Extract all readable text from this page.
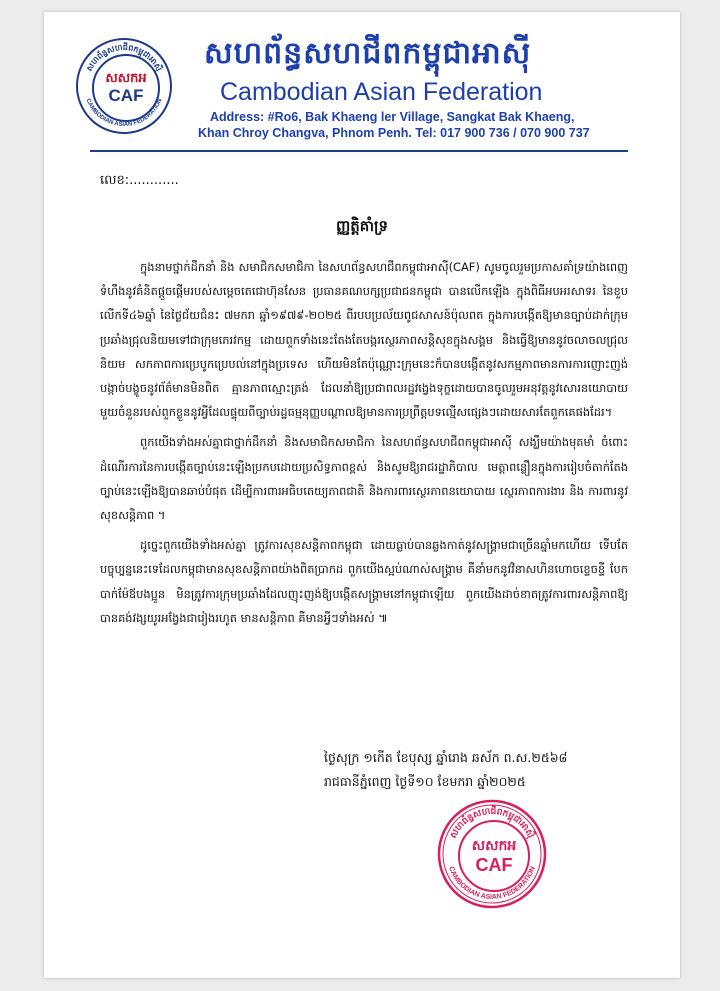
សហព័ន្ធសហជីពកម្ពុជាអាស៊ី
CAMBODIAN ASIAN FEDERATION
សសកអ
CAF
សហព័ន្ធសហជីពកម្ពុជាអាស៊ី
Cambodian Asian Federation
Address: #Ro6, Bak Khaeng ler Village, Sangkat Bak Khaeng,
Khan Chroy Changva, Phnom Penh. Tel: 017 900 736 / 070 900 737
លេខ:............
ញ្ញត្តិគាំទ្រ

ក្នុងនាមថ្នាក់ដឹកនាំ និង សមាជិកសមាជិកា នៃសហព័ន្ធសហជីពកម្ពុជាអាស៊ី(CAF) សូមចូលរួមប្រកាសគាំទ្រយ៉ាងពេញទំហឹងនូវគំនិតផ្តួចផ្តើមរបស់សម្តេចតេជោហ៊ុនសែន ប្រធានគណបក្សប្រជាជនកម្ពុជា បានលើកឡើង ក្នុងពិធីអបអរសាទរ នៃខួបលើកទី៤៦ឆ្នាំ នៃថ្ងៃជ័យជំនះ ៧មករា ឆ្នាំ១៩៧៩-២០២៥ ពីរបបប្រល័យពូជសាសន៍ប៉ុលពត ក្នុងការបង្កើតឱ្យមានច្បាប់ដាក់ក្រុមប្រឆាំងជ្រុលនិយមទៅជាក្រុមភេរវកម្ម ដោយពួកទាំងនេះតែងតែបង្ករស្ថេរភាពសន្តិសុខក្នុងសង្គម និងធ្វើឱ្យមាននូវចលាចលជ្រុលនិយម សកភាពការប្រេបូកប្រេបល់នៅក្នុងប្រទេស ហើយមិនតែប៉ុណ្ណោះក្រុមនេះក៏បានបង្កើតនូវសកម្មភាពមានការការញោះញង់ បង្កាច់បង្ខូចនូវព័ត៌មានមិនពិត គ្មានភាពស្មោះត្រង់ ដែលនាំឱ្យប្រជាពលរដ្ឋវង្វេងទុក្ខដោយបានចូលរួមអនុវត្តនូវសោរនយោបាយមួយចំនួនរបស់ពួកខ្លួននូវអ្វីដែលផ្ទុយពីច្បាប់រដ្ឋធម្មនុញ្ញបណ្តាលឱ្យមានការប្រព្រឹត្តបទល្មើសផ្សេងៗដោយសារតែពួកគេផងដែរ។

ពួកយើងទាំងអស់គ្នាជាថ្នាក់ដឹកនាំ និងសមាជិកសមាជិកា នៃសហព័ន្ធសហជីពកម្ពុជាអាស៊ី សង្ឃឹមយ៉ាងមុតមាំ ចំពោះដំណើរការនៃការបង្កើតច្បាប់នេះឡើងប្រកបដោយប្រសិទ្ធភាពខ្ពស់ និងសូមឱ្យរាជរដ្ឋាភិបាល មេត្តាពន្លឿនក្នុងការរៀបចំតាក់តែងច្បាប់នេះឡើងឱ្យបានឆាប់បំផុត ដើម្បីការពារអធិបតេយ្យភាពជាតិ និងការពារស្ថេរភាពនយោបាយ ស្ថេរភាពការងារ និង ការពារនូវសុខសន្តិភាព ។

ដូច្នេះពួកយើងទាំងអស់គ្នា ត្រូវការសុខសន្តិភាពកម្ពុជា ដោយធ្លាប់បានឆ្លងកាត់នូវសង្គ្រាមជាច្រើនឆ្នាំមកហើយ ទើបតែបច្ចុប្បន្ននេះទេដែលកម្ពុជាមានសុខសន្តិភាពយ៉ាងពិតប្រាកដ ពួកយើងស្អប់ណាស់សង្គ្រាម គឺនាំមកនូវវិនាសហិនហោចខ្ទេចខ្ទី បែកបាក់ម៉ែឪបងប្អូន មិនត្រូវការក្រុមប្រឆាំងដែលញុះញង់ឱ្យបង្កើតសង្គ្រាមនៅកម្ពុជាឡើយ ពួកយើងដាច់ខាតត្រូវការពារសន្តិភាពឱ្យបានគង់វង្សយូរអង្វែងជារៀងរហូត មានសន្តិភាព គឺមានអ្វីៗទាំងអស់ ៕

ថ្ងៃសុក្រ ១កើត ខែបុស្ស ឆ្នាំរោង ឆស័ក ព.ស.២៥៦៨
រាជធានីភ្នំពេញ ថ្ងៃទី១០ ខែមករា ឆ្នាំ២០២៥
សហព័ន្ធសហជីពកម្ពុជាអាស៊ី
CAMBODIAN ASIAN FEDERATION
សសកអ
CAF
